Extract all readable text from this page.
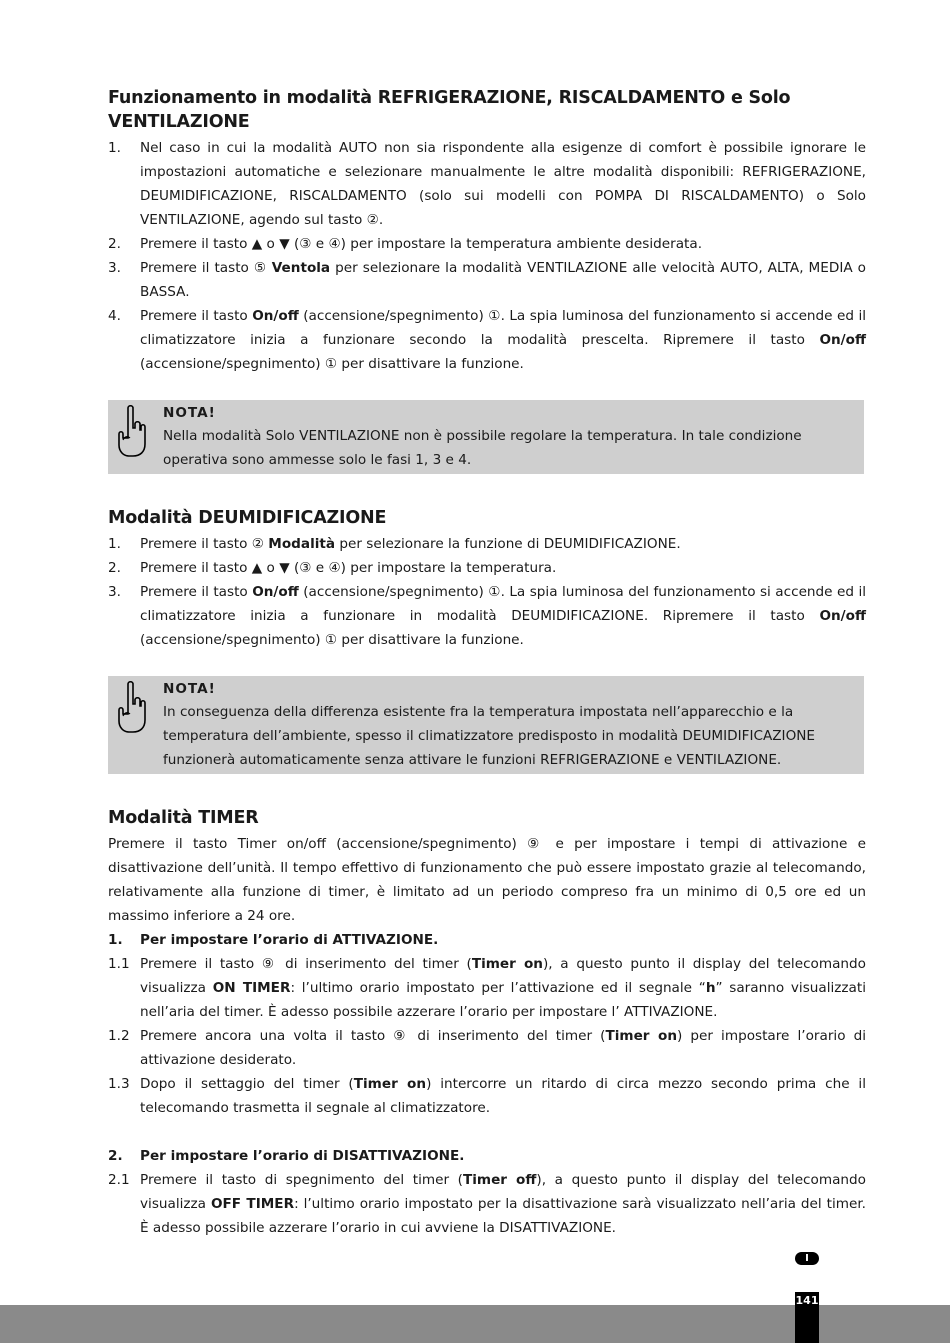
Funzionamento in modalità REFRIGERAZIONE, RISCALDAMENTO e Solo VENTILAZIONE
1. Nel caso in cui la modalità AUTO non sia rispondente alla esigenze di comfort è possibile ignorare le impostazioni automatiche e selezionare manualmente le altre modalità disponibili: REFRIGERAZIONE, DEUMIDIFICAZIONE, RISCALDAMENTO (solo sui modelli con POMPA DI RISCALDAMENTO) o Solo VENTILAZIONE, agendo sul tasto ②.
2. Premere il tasto ▲ o ▼ (③ e ④) per impostare la temperatura ambiente desiderata.
3. Premere il tasto ⑤ Ventola per selezionare la modalità VENTILAZIONE alle velocità AUTO, ALTA, MEDIA o BASSA.
4. Premere il tasto On/off (accensione/spegnimento) ①. La spia luminosa del funzionamento si accende ed il climatizzatore inizia a funzionare secondo la modalità prescelta. Ripremere il tasto On/off (accensione/spegnimento) ① per disattivare la funzione.
NOTA!
Nella modalità Solo VENTILAZIONE non è possibile regolare la temperatura. In tale condizione operativa sono ammesse solo le fasi 1, 3 e 4.
Modalità DEUMIDIFICAZIONE
1. Premere il tasto ② Modalità per selezionare la funzione di DEUMIDIFICAZIONE.
2. Premere il tasto ▲ o ▼ (③ e ④) per impostare la temperatura.
3. Premere il tasto On/off (accensione/spegnimento) ①. La spia luminosa del funzionamento si accende ed il climatizzatore inizia a funzionare in modalità DEUMIDIFICAZIONE. Ripremere il tasto On/off (accensione/spegnimento) ① per disattivare la funzione.
NOTA!
In conseguenza della differenza esistente fra la temperatura impostata nell’apparecchio e la temperatura dell’ambiente, spesso il climatizzatore predisposto in modalità DEUMIDIFICAZIONE funzionerà automaticamente senza attivare le funzioni REFRIGERAZIONE e VENTILAZIONE.
Modalità TIMER

Premere il tasto Timer on/off (accensione/spegnimento) ⑨ e per impostare i tempi di attivazione e disattivazione dell’unità. Il tempo effettivo di funzionamento che può essere impostato grazie al telecomando, relativamente alla funzione di timer, è limitato ad un periodo compreso fra un minimo di 0,5 ore ed un massimo inferiore a 24 ore.

1. Per impostare l’orario di ATTIVAZIONE.
1.1 Premere il tasto ⑨ di inserimento del timer (Timer on), a questo punto il display del telecomando visualizza ON TIMER: l’ultimo orario impostato per l’attivazione ed il segnale “h” saranno visualizzati nell’aria del timer. È adesso possibile azzerare l’orario per impostare l’ ATTIVAZIONE.
1.2 Premere ancora una volta il tasto ⑨ di inserimento del timer (Timer on) per impostare l’orario di attivazione desiderato.
1.3 Dopo il settaggio del timer (Timer on) intercorre un ritardo di circa mezzo secondo prima che il telecomando trasmetta il segnale al climatizzatore.
2. Per impostare l’orario di DISATTIVAZIONE.
2.1 Premere il tasto di spegnimento del timer (Timer off), a questo punto il display del telecomando visualizza OFF TIMER: l’ultimo orario impostato per la disattivazione sarà visualizzato nell’aria del timer. È adesso possibile azzerare l’orario in cui avviene la DISATTIVAZIONE.
I
141
